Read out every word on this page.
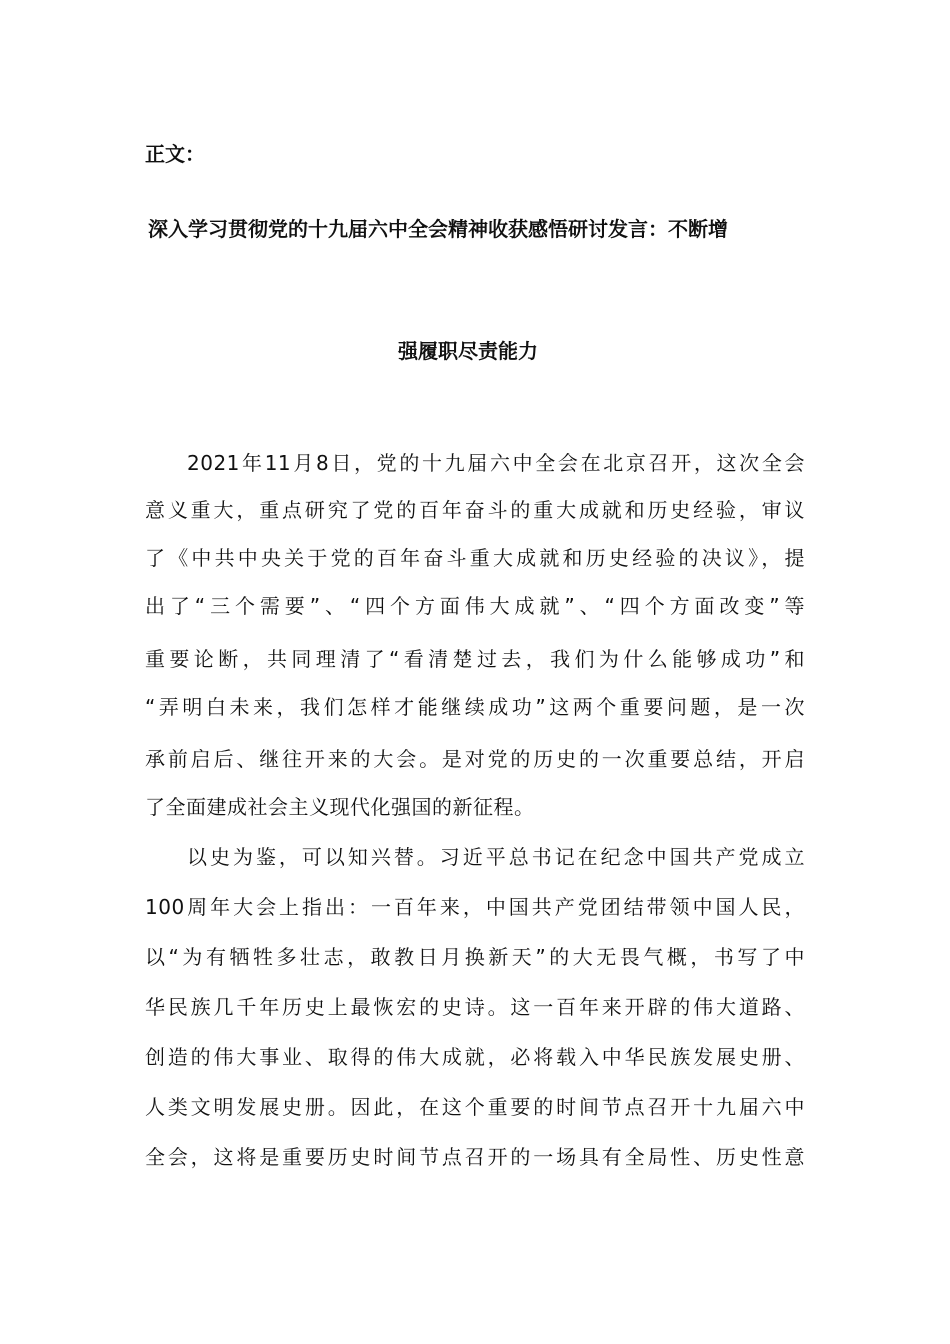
正文：

深入学习贯彻党的十九届六中全会精神收获感悟研讨发言：不断增

强履职尽责能力

2021年11月8日，党的十九届六中全会在北京召开，这次全会

意义重大，重点研究了党的百年奋斗的重大成就和历史经验，审议

了《中共中央关于党的百年奋斗重大成就和历史经验的决议》，提

出了“三个需要”、“四个方面伟大成就”、“四个方面改变”等

重要论断，共同理清了“看清楚过去，我们为什么能够成功”和

“弄明白未来，我们怎样才能继续成功”这两个重要问题，是一次

承前启后、继往开来的大会。是对党的历史的一次重要总结，开启

了全面建成社会主义现代化强国的新征程。

以史为鉴，可以知兴替。习近平总书记在纪念中国共产党成立

100周年大会上指出：一百年来，中国共产党团结带领中国人民，

以“为有牺牲多壮志，敢教日月换新天”的大无畏气概，书写了中

华民族几千年历史上最恢宏的史诗。这一百年来开辟的伟大道路、

创造的伟大事业、取得的伟大成就，必将载入中华民族发展史册、

人类文明发展史册。因此，在这个重要的时间节点召开十九届六中

全会，这将是重要历史时间节点召开的一场具有全局性、历史性意
